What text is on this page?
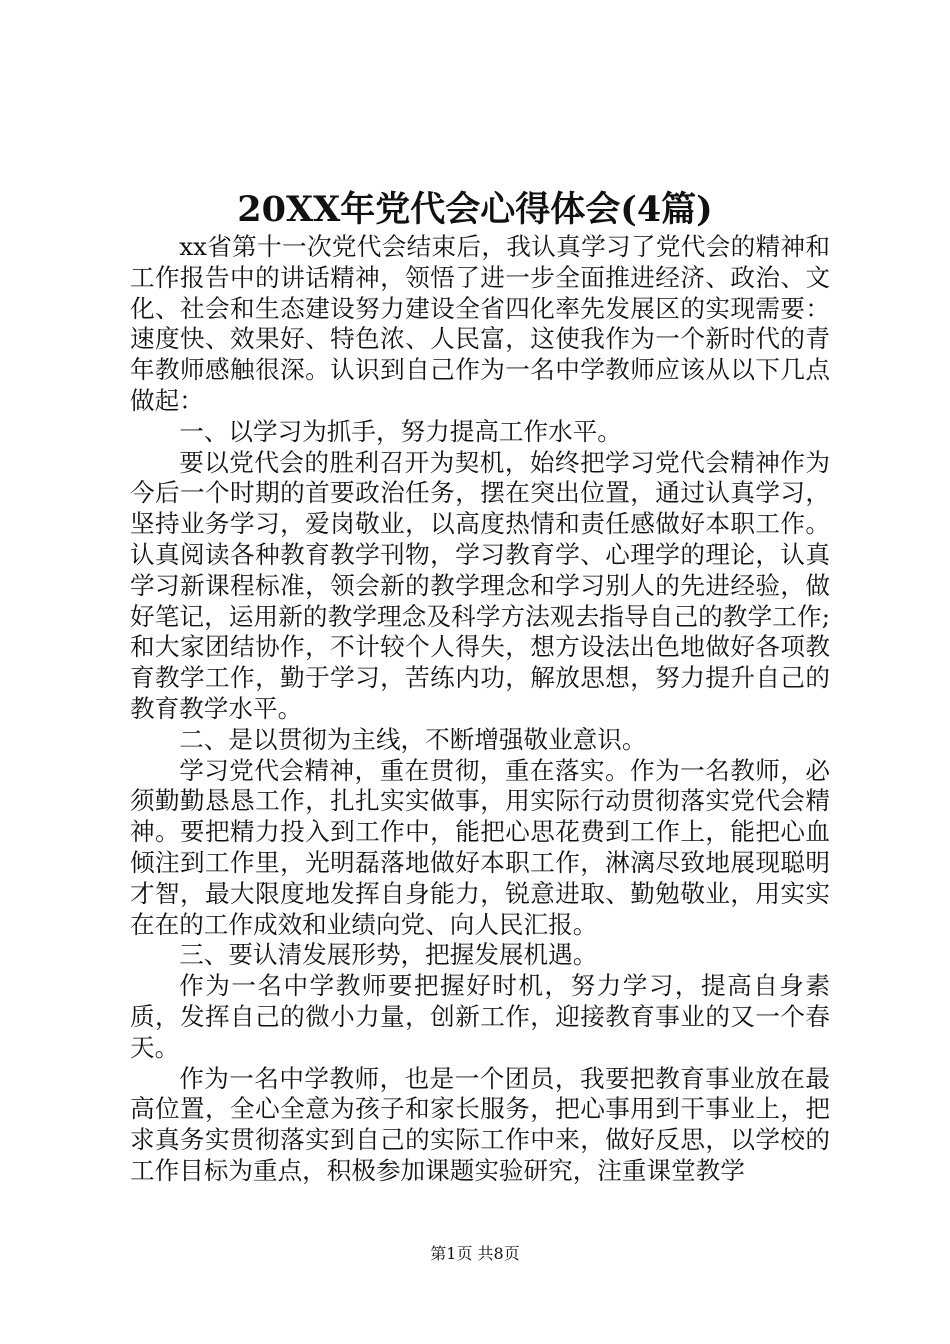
20XX年党代会心得体会(4篇)

xx省第十一次党代会结束后，我认真学习了党代会的精神和工作报告中的讲话精神，领悟了进一步全面推进经济、政治、文化、社会和生态建设努力建设全省四化率先发展区的实现需要：速度快、效果好、特色浓、人民富，这使我作为一个新时代的青年教师感触很深。认识到自己作为一名中学教师应该从以下几点做起：

一、以学习为抓手，努力提高工作水平。

要以党代会的胜利召开为契机，始终把学习党代会精神作为今后一个时期的首要政治任务，摆在突出位置，通过认真学习，坚持业务学习，爱岗敬业，以高度热情和责任感做好本职工作。认真阅读各种教育教学刊物，学习教育学、心理学的理论，认真学习新课程标准，领会新的教学理念和学习别人的先进经验，做好笔记，运用新的教学理念及科学方法观去指导自己的教学工作;和大家团结协作，不计较个人得失，想方设法出色地做好各项教育教学工作，勤于学习，苦练内功，解放思想，努力提升自己的教育教学水平。

二、是以贯彻为主线，不断增强敬业意识。

学习党代会精神，重在贯彻，重在落实。作为一名教师，必须勤勤恳恳工作，扎扎实实做事，用实际行动贯彻落实党代会精神。要把精力投入到工作中，能把心思花费到工作上，能把心血倾注到工作里，光明磊落地做好本职工作，淋漓尽致地展现聪明才智，最大限度地发挥自身能力，锐意进取、勤勉敬业，用实实在在的工作成效和业绩向党、向人民汇报。

三、要认清发展形势，把握发展机遇。

作为一名中学教师要把握好时机，努力学习，提高自身素质，发挥自己的微小力量，创新工作，迎接教育事业的又一个春天。

作为一名中学教师，也是一个团员，我要把教育事业放在最高位置，全心全意为孩子和家长服务，把心事用到干事业上，把求真务实贯彻落实到自己的实际工作中来，做好反思，以学校的工作目标为重点，积极参加课题实验研究，注重课堂教学

第1页 共8页
